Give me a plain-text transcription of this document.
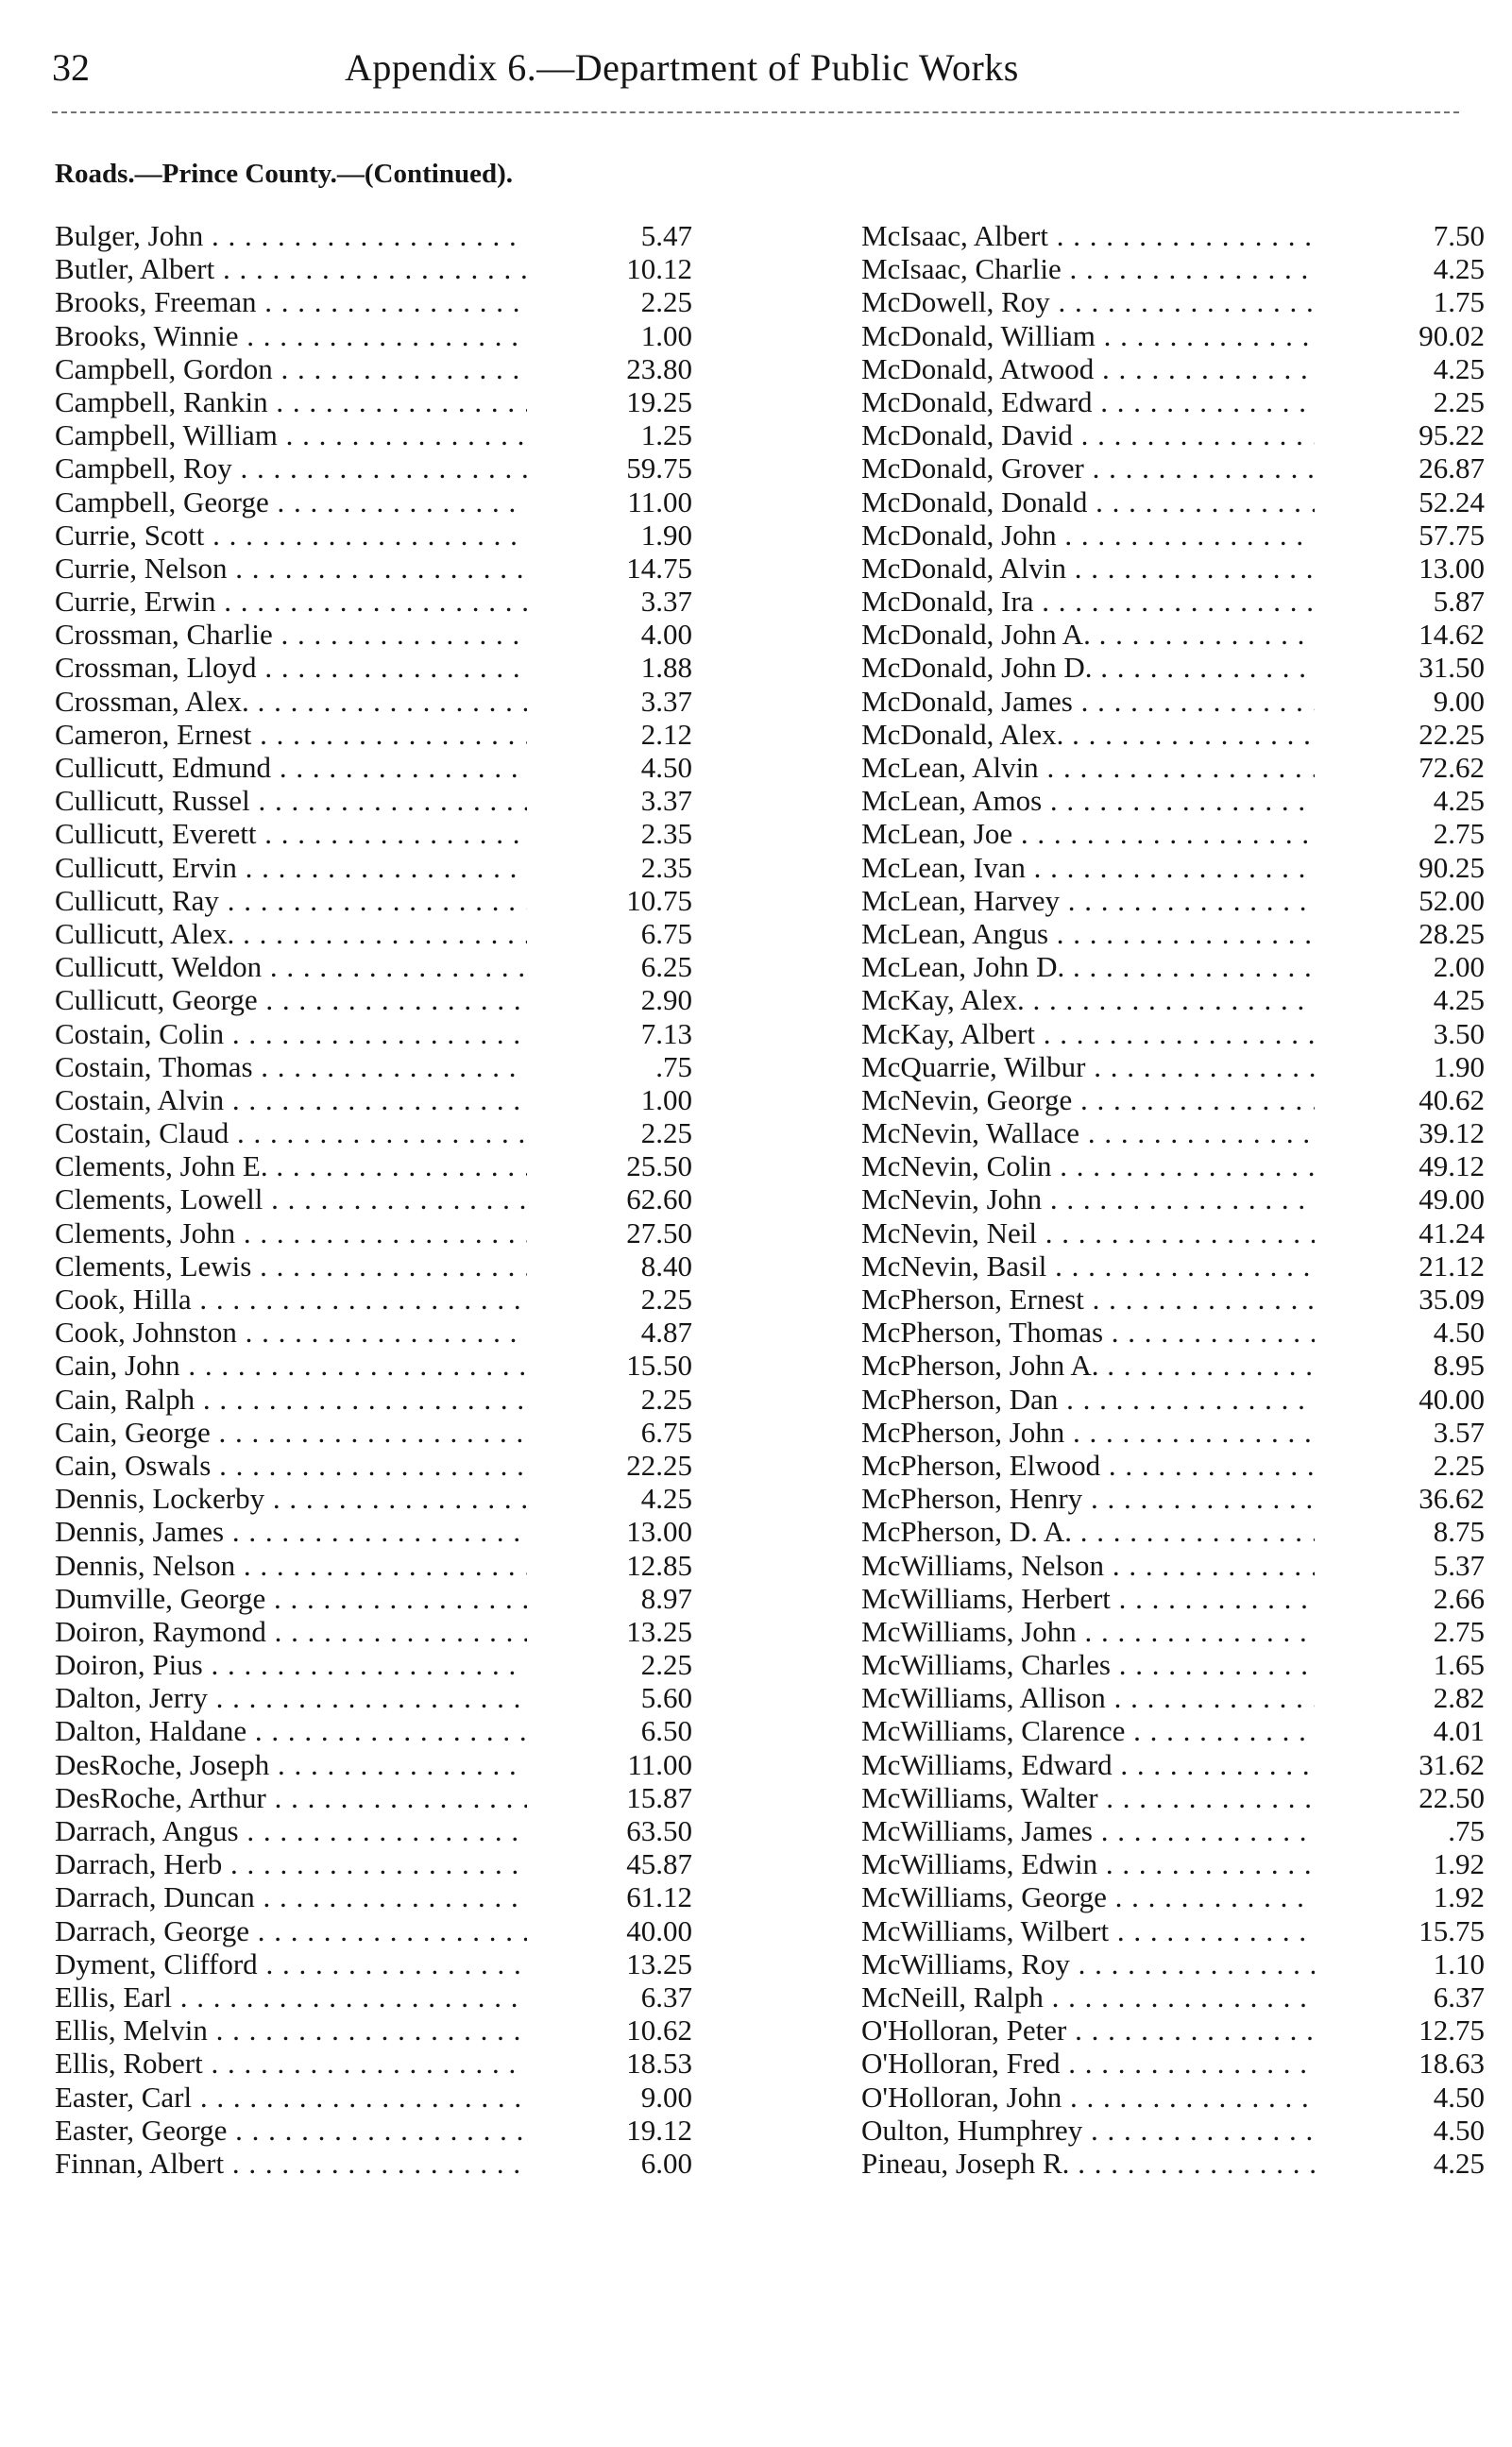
32	Appendix 6.—Department of Public Works
Roads.—Prince County.—(Continued).
Bulger, John . . .	5.47
Butler, Albert . . .	10.12
Brooks, Freeman . . .	2.25
Brooks, Winnie . . .	1.00
Campbell, Gordon . . .	23.80
Campbell, Rankin . . .	19.25
Campbell, William . . .	1.25
Campbell, Roy . . .	59.75
Campbell, George . . .	11.00
Currie, Scott . . .	1.90
Currie, Nelson . . .	14.75
Currie, Erwin . . .	3.37
Crossman, Charlie . . .	4.00
Crossman, Lloyd . . .	1.88
Crossman, Alex. . . .	3.37
Cameron, Ernest . . .	2.12
Cullicutt, Edmund . . .	4.50
Cullicutt, Russel . . .	3.37
Cullicutt, Everett . . .	2.35
Cullicutt, Ervin . . .	2.35
Cullicutt, Ray . . .	10.75
Cullicutt, Alex. . . .	6.75
Cullicutt, Weldon . . .	6.25
Cullicutt, George . . .	2.90
Costain, Colin . . .	7.13
Costain, Thomas . . .	.75
Costain, Alvin . . .	1.00
Costain, Claud . . .	2.25
Clements, John E. . . .	25.50
Clements, Lowell . . .	62.60
Clements, John . . .	27.50
Clements, Lewis . . .	8.40
Cook, Hilla . . .	2.25
Cook, Johnston . . .	4.87
Cain, John . . .	15.50
Cain, Ralph . . .	2.25
Cain, George . . .	6.75
Cain, Oswals . . .	22.25
Dennis, Lockerby . . .	4.25
Dennis, James . . .	13.00
Dennis, Nelson . . .	12.85
Dumville, George . . .	8.97
Doiron, Raymond . . .	13.25
Doiron, Pius . . .	2.25
Dalton, Jerry . . .	5.60
Dalton, Haldane . . .	6.50
DesRoche, Joseph . . .	11.00
DesRoche, Arthur . . .	15.87
Darrach, Angus . . .	63.50
Darrach, Herb . . .	45.87
Darrach, Duncan . . .	61.12
Darrach, George . . .	40.00
Dyment, Clifford . . .	13.25
Ellis, Earl . . .	6.37
Ellis, Melvin . . .	10.62
Ellis, Robert . . .	18.53
Easter, Carl . . .	9.00
Easter, George . . .	19.12
Finnan, Albert . . .	6.00
McIsaac, Albert . . .	7.50
McIsaac, Charlie . . .	4.25
McDowell, Roy . . .	1.75
McDonald, William . . .	90.02
McDonald, Atwood . . .	4.25
McDonald, Edward . . .	2.25
McDonald, David . . .	95.22
McDonald, Grover . . .	26.87
McDonald, Donald . . .	52.24
McDonald, John . . .	57.75
McDonald, Alvin . . .	13.00
McDonald, Ira . . .	5.87
McDonald, John A. . . .	14.62
McDonald, John D. . . .	31.50
McDonald, James . . .	9.00
McDonald, Alex. . . .	22.25
McLean, Alvin . . .	72.62
McLean, Amos . . .	4.25
McLean, Joe . . .	2.75
McLean, Ivan . . .	90.25
McLean, Harvey . . .	52.00
McLean, Angus . . .	28.25
McLean, John D. . . .	2.00
McKay, Alex. . . .	4.25
McKay, Albert . . .	3.50
McQuarrie, Wilbur . . .	1.90
McNevin, George . . .	40.62
McNevin, Wallace . . .	39.12
McNevin, Colin . . .	49.12
McNevin, John . . .	49.00
McNevin, Neil . . .	41.24
McNevin, Basil . . .	21.12
McPherson, Ernest . . .	35.09
McPherson, Thomas . . .	4.50
McPherson, John A. . . .	8.95
McPherson, Dan . . .	40.00
McPherson, John . . .	3.57
McPherson, Elwood . . .	2.25
McPherson, Henry . . .	36.62
McPherson, D. A. . . .	8.75
McWilliams, Nelson . . .	5.37
McWilliams, Herbert . . .	2.66
McWilliams, John . . .	2.75
McWilliams, Charles . . .	1.65
McWilliams, Allison . . .	2.82
McWilliams, Clarence . . .	4.01
McWilliams, Edward . . .	31.62
McWilliams, Walter . . .	22.50
McWilliams, James . . .	.75
McWilliams, Edwin . . .	1.92
McWilliams, George . . .	1.92
McWilliams, Wilbert . . .	15.75
McWilliams, Roy . . .	1.10
McNeill, Ralph . . .	6.37
O'Holloran, Peter . . .	12.75
O'Holloran, Fred . . .	18.63
O'Holloran, John . . .	4.50
Oulton, Humphrey . . .	4.50
Pineau, Joseph R. . . .	4.25
